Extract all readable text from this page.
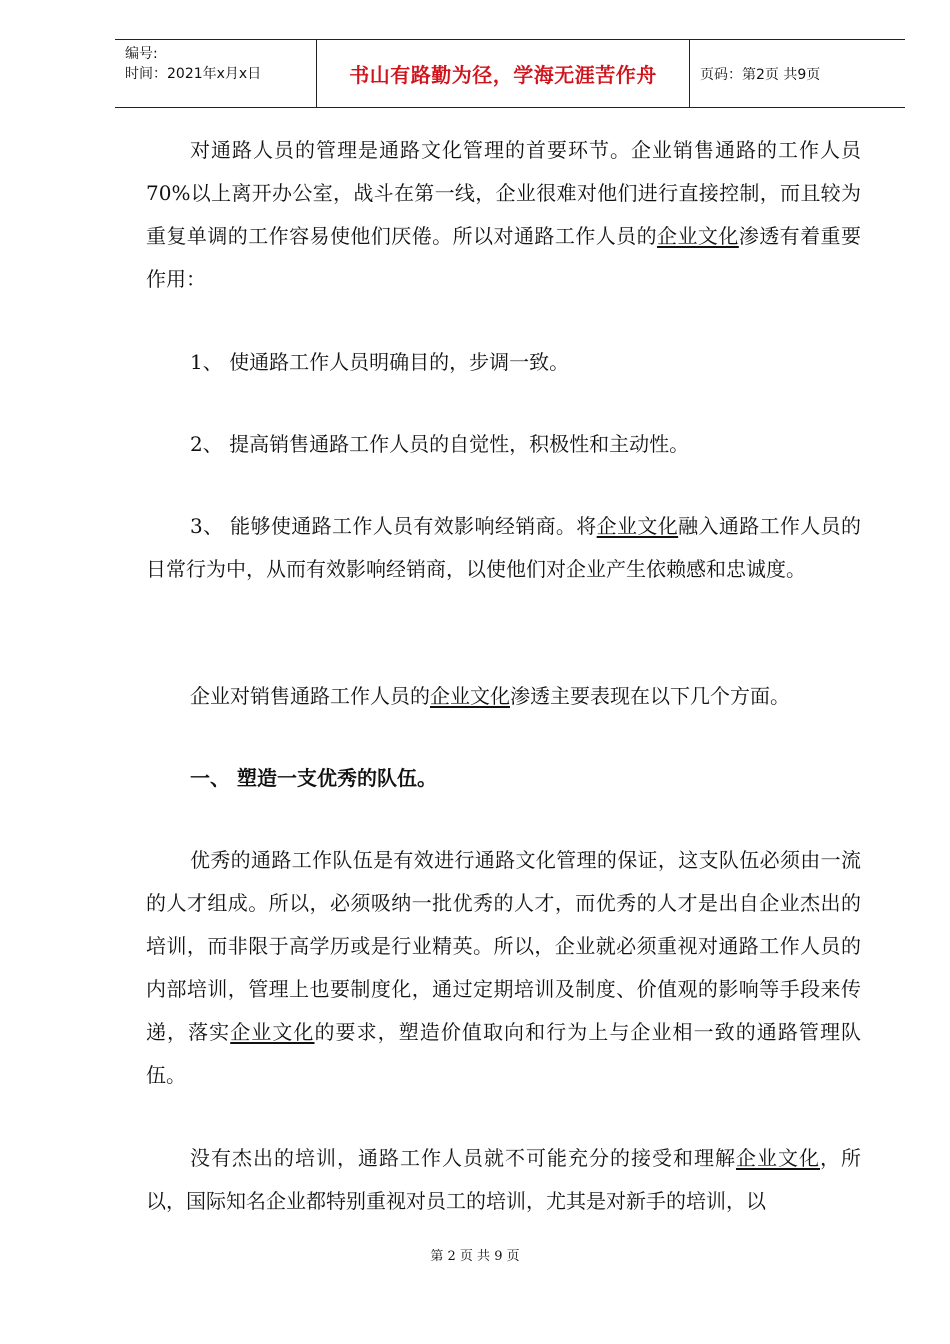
编号:
时间：2021年x月x日	书山有路勤为径，学海无涯苦作舟	页码：第2页 共9页

对通路人员的管理是通路文化管理的首要环节。企业销售通路的工作人员70%以上离开办公室，战斗在第一线，企业很难对他们进行直接控制，而且较为重复单调的工作容易使他们厌倦。所以对通路工作人员的企业文化渗透有着重要作用：

1、 使通路工作人员明确目的，步调一致。

2、 提高销售通路工作人员的自觉性，积极性和主动性。

3、 能够使通路工作人员有效影响经销商。将企业文化融入通路工作人员的日常行为中，从而有效影响经销商，以使他们对企业产生依赖感和忠诚度。

企业对销售通路工作人员的企业文化渗透主要表现在以下几个方面。

一、 塑造一支优秀的队伍。

优秀的通路工作队伍是有效进行通路文化管理的保证，这支队伍必须由一流的人才组成。所以，必须吸纳一批优秀的人才，而优秀的人才是出自企业杰出的培训，而非限于高学历或是行业精英。所以，企业就必须重视对通路工作人员的内部培训，管理上也要制度化，通过定期培训及制度、价值观的影响等手段来传递，落实企业文化的要求，塑造价值取向和行为上与企业相一致的通路管理队伍。

没有杰出的培训，通路工作人员就不可能充分的接受和理解企业文化，所以，国际知名企业都特别重视对员工的培训，尤其是对新手的培训，以

第 2 页 共 9 页
